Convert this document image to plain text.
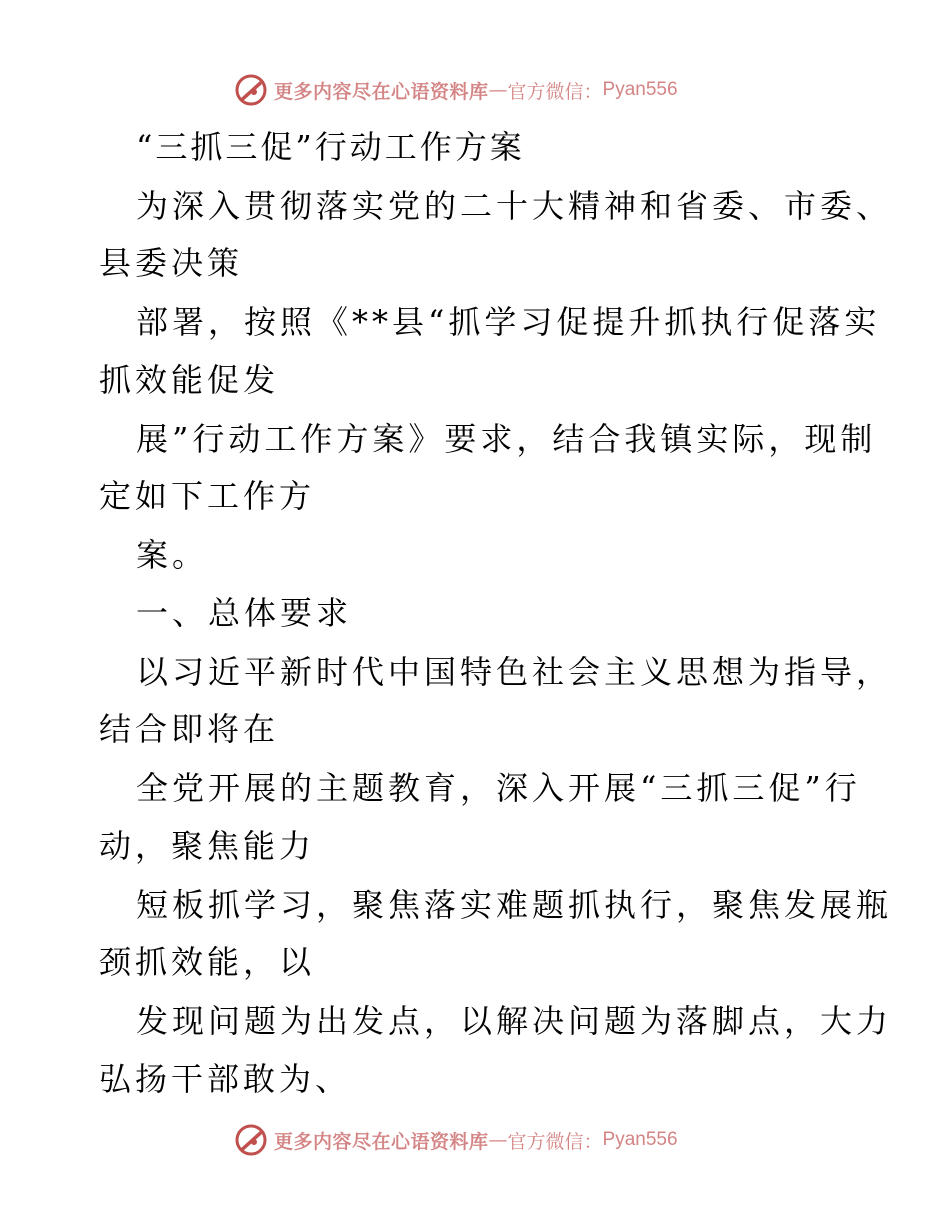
更多内容尽在心语资料库 — 官方微信： Pyan556
“三抓三促”行动工作方案
为深入贯彻落实党的二十大精神和省委、市委、
县委决策
部署，按照《**县“抓学习促提升抓执行促落实
抓效能促发
展”行动工作方案》要求，结合我镇实际，现制
定如下工作方
案。
一、总体要求
以习近平新时代中国特色社会主义思想为指导，
结合即将在
全党开展的主题教育，深入开展“三抓三促”行
动，聚焦能力
短板抓学习，聚焦落实难题抓执行，聚焦发展瓶
颈抓效能，以
发现问题为出发点，以解决问题为落脚点，大力
弘扬干部敢为、
更多内容尽在心语资料库 — 官方微信： Pyan556
